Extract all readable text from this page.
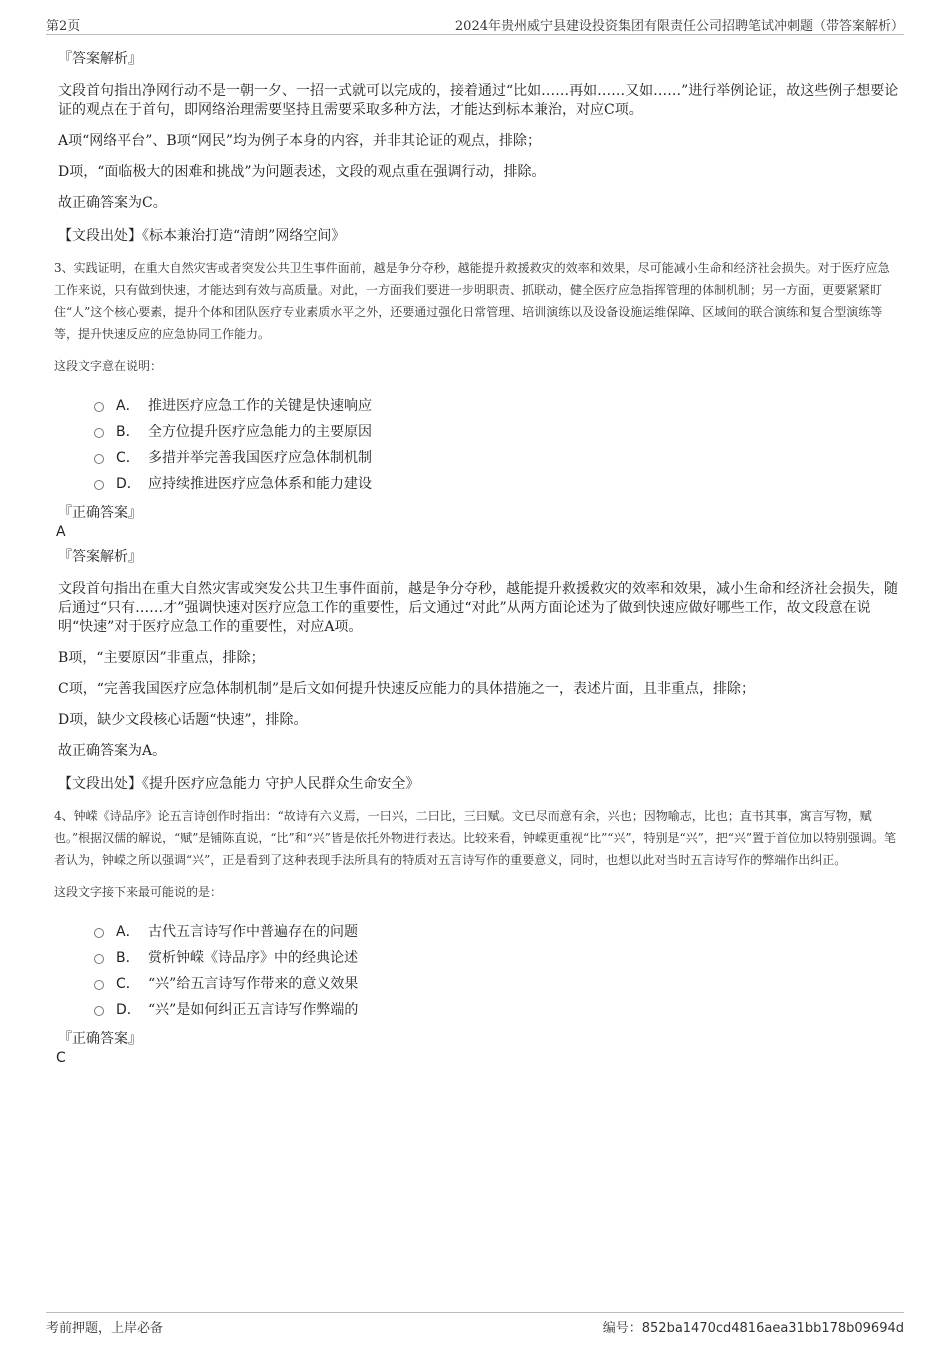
第2页	2024年贵州威宁县建设投资集团有限责任公司招聘笔试冲刺题（带答案解析）
『答案解析』

文段首句指出净网行动不是一朝一夕、一招一式就可以完成的，接着通过“比如……再如……又如……”进行举例论证，故这些例子想要论证的观点在于首句，即网络治理需要坚持且需要采取多种方法，才能达到标本兼治，对应C项。

A项“网络平台”、B项“网民”均为例子本身的内容，并非其论证的观点，排除；

D项，“面临极大的困难和挑战”为问题表述，文段的观点重在强调行动，排除。

故正确答案为C。

【文段出处】《标本兼治打造“清朗”网络空间》

3、实践证明，在重大自然灾害或者突发公共卫生事件面前，越是争分夺秒，越能提升救援救灾的效率和效果，尽可能减小生命和经济社会损失。对于医疗应急工作来说，只有做到快速，才能达到有效与高质量。对此，一方面我们要进一步明职责、抓联动，健全医疗应急指挥管理的体制机制；另一方面，更要紧紧盯住“人”这个核心要素，提升个体和团队医疗专业素质水平之外，还要通过强化日常管理、培训演练以及设备设施运维保障、区域间的联合演练和复合型演练等等，提升快速反应的应急协同工作能力。

这段文字意在说明：
A． 推进医疗应急工作的关键是快速响应
B． 全方位提升医疗应急能力的主要原因
C． 多措并举完善我国医疗应急体制机制
D． 应持续推进医疗应急体系和能力建设
『正确答案』
A
『答案解析』

文段首句指出在重大自然灾害或突发公共卫生事件面前，越是争分夺秒，越能提升救援救灾的效率和效果，减小生命和经济社会损失，随后通过“只有……才”强调快速对医疗应急工作的重要性，后文通过“对此”从两方面论述为了做到快速应做好哪些工作，故文段意在说明“快速”对于医疗应急工作的重要性，对应A项。

B项，“主要原因”非重点，排除；

C项，“完善我国医疗应急体制机制”是后文如何提升快速反应能力的具体措施之一，表述片面，且非重点，排除；

D项，缺少文段核心话题“快速”，排除。

故正确答案为A。

【文段出处】《提升医疗应急能力 守护人民群众生命安全》

4、钟嵘《诗品序》论五言诗创作时指出：“故诗有六义焉，一曰兴，二曰比，三曰赋。文已尽而意有余，兴也；因物喻志，比也；直书其事，寓言写物，赋也。”根据汉儒的解说，“赋”是铺陈直说，“比”和“兴”皆是依托外物进行表达。比较来看，钟嵘更重视“比”“兴”，特别是“兴”，把“兴”置于首位加以特别强调。笔者认为，钟嵘之所以强调“兴”，正是看到了这种表现手法所具有的特质对五言诗写作的重要意义，同时，也想以此对当时五言诗写作的弊端作出纠正。

这段文字接下来最可能说的是：
A． 古代五言诗写作中普遍存在的问题
B． 赏析钟嵘《诗品序》中的经典论述
C． “兴”给五言诗写作带来的意义效果
D． “兴”是如何纠正五言诗写作弊端的
『正确答案』
C
考前押题，上岸必备	编号：852ba1470cd4816aea31bb178b09694d
